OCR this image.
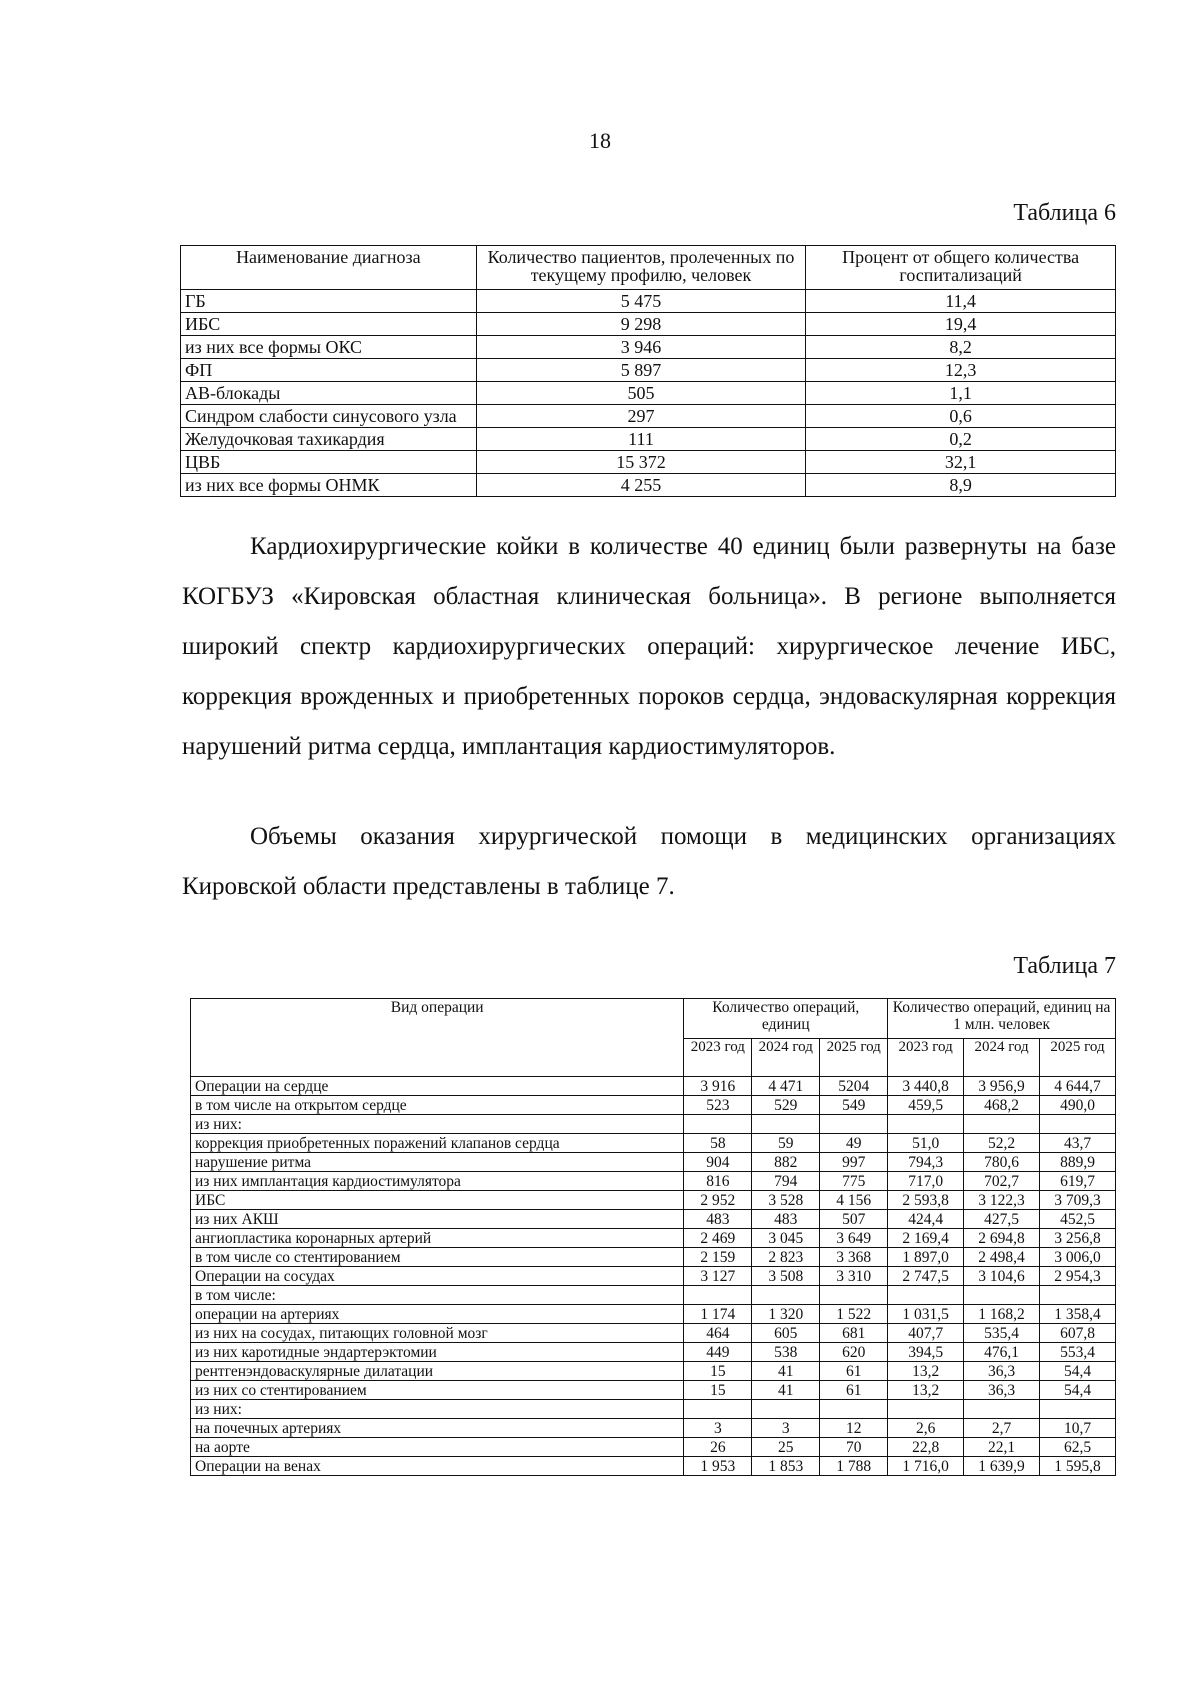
18
Таблица 6
Наименование диагноза	Количество пациентов, пролеченных по текущему профилю, человек	Процент от общего количества госпитализаций
ГБ	5 475	11,4
ИБС	9 298	19,4
из них все формы ОКС	3 946	8,2
ФП	5 897	12,3
АВ-блокады	505	1,1
Синдром слабости синусового узла	297	0,6
Желудочковая тахикардия	111	0,2
ЦВБ	15 372	32,1
из них все формы ОНМК	4 255	8,9
Кардиохирургические койки в количестве 40 единиц были развернуты на базе КОГБУЗ «Кировская областная клиническая больница». В регионе выполняется широкий спектр кардиохирургических операций: хирургическое лечение ИБС, коррекция врожденных и приобретенных пороков сердца, эндоваскулярная коррекция нарушений ритма сердца, имплантация кардиостимуляторов.
Объемы оказания хирургической помощи в медицинских организациях Кировской области представлены в таблице 7.
Таблица 7
Вид операции	Количество операций, единиц			Количество операций, единиц на 1 млн. человек		
	2023 год	2024 год	2025 год	2023 год	2024 год	2025 год
Операции на сердце	3 916	4 471	5204	3 440,8	3 956,9	4 644,7
в том числе на открытом сердце	523	529	549	459,5	468,2	490,0
из них:						
коррекция приобретенных поражений клапанов сердца	58	59	49	51,0	52,2	43,7
нарушение ритма	904	882	997	794,3	780,6	889,9
из них имплантация кардиостимулятора	816	794	775	717,0	702,7	619,7
ИБС	2 952	3 528	4 156	2 593,8	3 122,3	3 709,3
из них АКШ	483	483	507	424,4	427,5	452,5
ангиопластика коронарных артерий	2 469	3 045	3 649	2 169,4	2 694,8	3 256,8
в том числе со стентированием	2 159	2 823	3 368	1 897,0	2 498,4	3 006,0
Операции на сосудах	3 127	3 508	3 310	2 747,5	3 104,6	2 954,3
в том числе:						
операции на артериях	1 174	1 320	1 522	1 031,5	1 168,2	1 358,4
из них на сосудах, питающих головной мозг	464	605	681	407,7	535,4	607,8
из них каротидные эндартерэктомии	449	538	620	394,5	476,1	553,4
рентгенэндоваскулярные дилатации	15	41	61	13,2	36,3	54,4
из них со стентированием	15	41	61	13,2	36,3	54,4
из них:						
на почечных артериях	3	3	12	2,6	2,7	10,7
на аорте	26	25	70	22,8	22,1	62,5
Операции на венах	1 953	1 853	1 788	1 716,0	1 639,9	1 595,8
